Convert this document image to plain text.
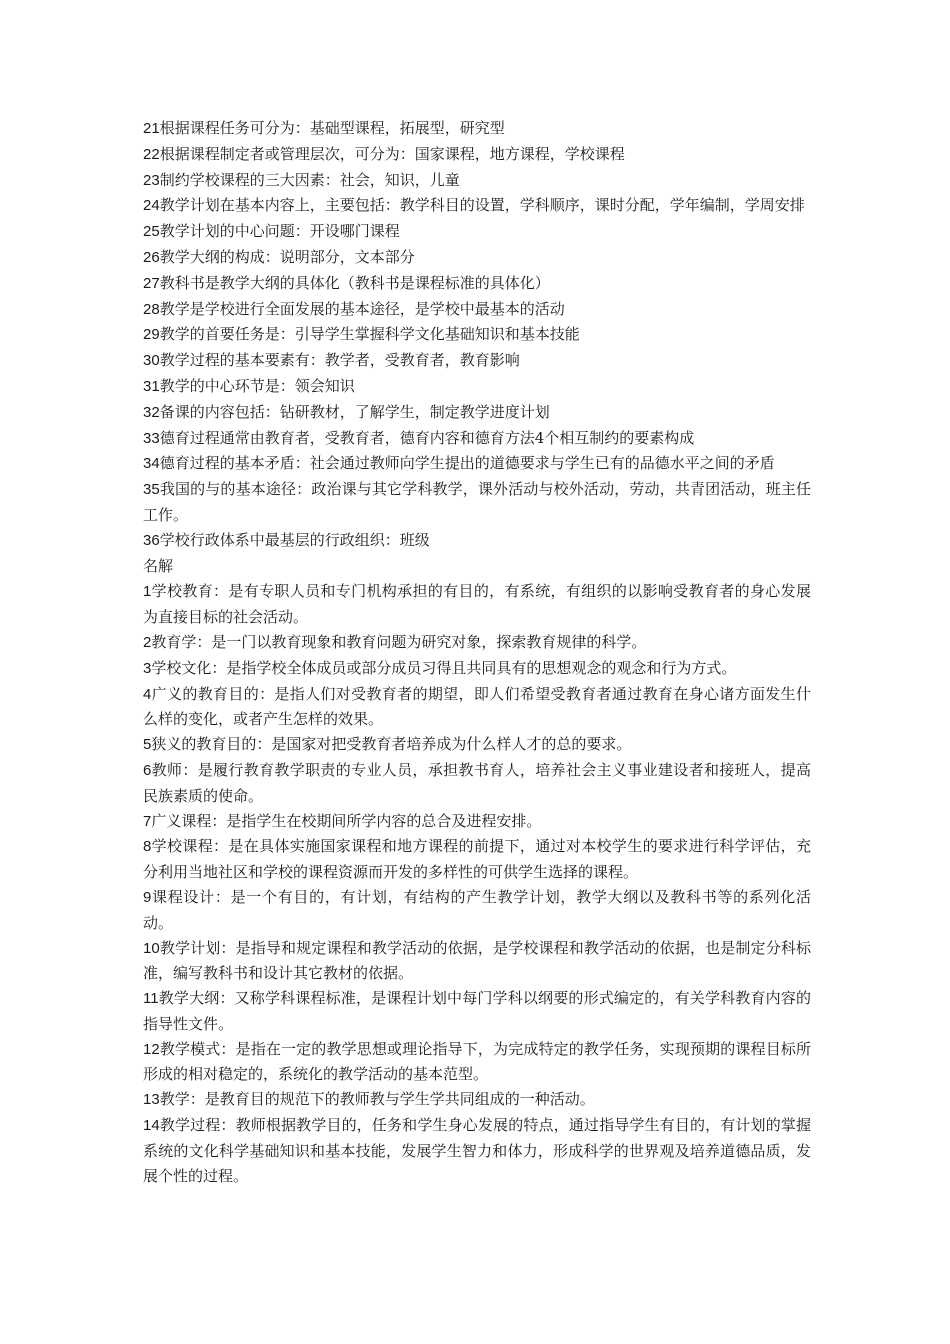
21根据课程任务可分为：基础型课程，拓展型，研究型

22根据课程制定者或管理层次，可分为：国家课程，地方课程，学校课程

23制约学校课程的三大因素：社会，知识，儿童

24教学计划在基本内容上，主要包括：教学科目的设置，学科顺序，课时分配，学年编制，学周安排

25教学计划的中心问题：开设哪门课程

26教学大纲的构成：说明部分，文本部分

27教科书是教学大纲的具体化（教科书是课程标准的具体化）

28教学是学校进行全面发展的基本途径，是学校中最基本的活动

29教学的首要任务是：引导学生掌握科学文化基础知识和基本技能

30教学过程的基本要素有：教学者，受教育者，教育影响

31教学的中心环节是：领会知识

32备课的内容包括：钻研教材，了解学生，制定教学进度计划

33德育过程通常由教育者，受教育者，德育内容和德育方法4个相互制约的要素构成

34德育过程的基本矛盾：社会通过教师向学生提出的道德要求与学生已有的品德水平之间的矛盾

35我国的与的基本途径：政治课与其它学科教学，课外活动与校外活动，劳动，共青团活动，班主任工作。

36学校行政体系中最基层的行政组织：班级

名解

1学校教育：是有专职人员和专门机构承担的有目的，有系统，有组织的以影响受教育者的身心发展为直接目标的社会活动。

2教育学：是一门以教育现象和教育问题为研究对象，探索教育规律的科学。

3学校文化：是指学校全体成员或部分成员习得且共同具有的思想观念的观念和行为方式。

4广义的教育目的：是指人们对受教育者的期望，即人们希望受教育者通过教育在身心诸方面发生什么样的变化，或者产生怎样的效果。

5狭义的教育目的：是国家对把受教育者培养成为什么样人才的总的要求。

6教师：是履行教育教学职责的专业人员，承担教书育人，培养社会主义事业建设者和接班人，提高民族素质的使命。

7广义课程：是指学生在校期间所学内容的总合及进程安排。

8学校课程：是在具体实施国家课程和地方课程的前提下，通过对本校学生的要求进行科学评估，充分利用当地社区和学校的课程资源而开发的多样性的可供学生选择的课程。

9课程设计：是一个有目的，有计划，有结构的产生教学计划，教学大纲以及教科书等的系列化活动。

10教学计划：是指导和规定课程和教学活动的依据，是学校课程和教学活动的依据，也是制定分科标准，编写教科书和设计其它教材的依据。

11教学大纲：又称学科课程标准，是课程计划中每门学科以纲要的形式编定的，有关学科教育内容的指导性文件。

12教学模式：是指在一定的教学思想或理论指导下，为完成特定的教学任务，实现预期的课程目标所形成的相对稳定的，系统化的教学活动的基本范型。

13教学：是教育目的规范下的教师教与学生学共同组成的一种活动。

14教学过程：教师根据教学目的，任务和学生身心发展的特点，通过指导学生有目的，有计划的掌握系统的文化科学基础知识和基本技能，发展学生智力和体力，形成科学的世界观及培养道德品质，发展个性的过程。
